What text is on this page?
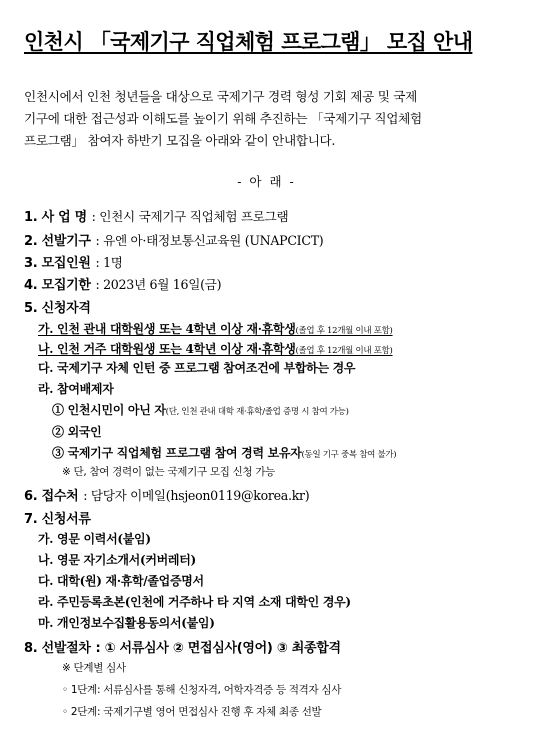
인천시 「국제기구 직업체험 프로그램」 모집 안내
인천시에서 인천 청년들을 대상으로 국제기구 경력 형성 기회 제공 및 국제
기구에 대한 접근성과 이해도를 높이기 위해 추진하는 「국제기구 직업체험
프로그램」 참여자 하반기 모집을 아래와 같이 안내합니다.
- 아 래 -
1. 사 업 명 : 인천시 국제기구 직업체험 프로그램
2. 선발기구 : 유엔 아·태정보통신교육원 (UNAPCICT)
3. 모집인원 : 1명
4. 모집기한 : 2023년 6월 16일(금)
5. 신청자격
가. 인천 관내 대학원생 또는 4학년 이상 재·휴학생(졸업 후 12개월 이내 포함)
나. 인천 거주 대학원생 또는 4학년 이상 재·휴학생(졸업 후 12개월 이내 포함)
다. 국제기구 자체 인턴 중 프로그램 참여조건에 부합하는 경우
라. 참여배제자
① 인천시민이 아닌 자(단, 인천 관내 대학 재·휴학/졸업 증명 시 참여 가능)
② 외국인
③ 국제기구 직업체험 프로그램 참여 경력 보유자(동일 기구 중복 참여 불가)
※ 단, 참여 경력이 없는 국제기구 모집 신청 가능
6. 접수처 : 담당자 이메일(hsjeon0119@korea.kr)
7. 신청서류
가. 영문 이력서(붙임)
나. 영문 자기소개서(커버레터)
다. 대학(원) 재·휴학/졸업증명서
라. 주민등록초본(인천에 거주하나 타 지역 소재 대학인 경우)
마. 개인정보수집활용동의서(붙임)
8. 선발절차 : ① 서류심사 ② 면접심사(영어) ③ 최종합격
※ 단계별 심사
◦ 1단계: 서류심사를 통해 신청자격, 어학자격증 등 적격자 심사
◦ 2단계: 국제기구별 영어 면접심사 진행 후 자체 최종 선발
